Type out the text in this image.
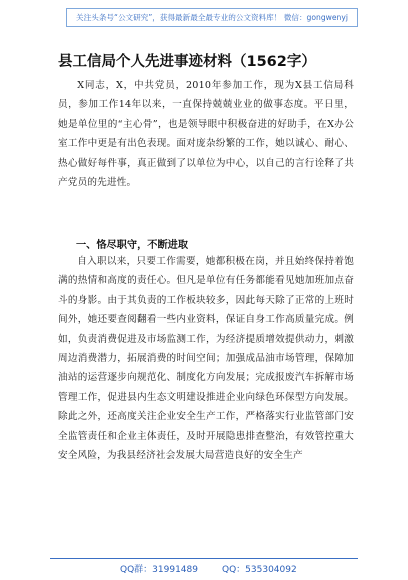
关注头条号“公文研究”，获得最新最全最专业的公文资料库！ 微信：gongwenyj
县工信局个人先进事迹材料（1562字）

X同志，X，中共党员，2010年参加工作，现为X县工信局科员，参加工作14年以来，一直保持兢兢业业的做事态度。平日里，她是单位里的“主心骨”，也是领导眼中积极奋进的好助手，在X办公室工作中更是有出色表现。面对庞杂纷繁的工作，她以诚心、耐心、热心做好每件事，真正做到了以单位为中心，以自己的言行诠释了共产党员的先进性。

一、恪尽职守，不断进取

自入职以来，只要工作需要，她都积极在岗，并且始终保持着饱满的热情和高度的责任心。但凡是单位有任务都能看见她加班加点奋斗的身影。由于其负责的工作板块较多，因此每天除了正常的上班时间外，她还要查阅翻看一些内业资料，保证自身工作高质量完成。例如，负责消费促进及市场监测工作，为经济提质增效提供动力，刺激周边消费潜力，拓展消费的时间空间；加强成品油市场管理，保障加油站的运营逐步向规范化、制度化方向发展；完成报废汽车拆解市场管理工作，促进县内生态文明建设推进企业向绿色环保型方向发展。除此之外，还高度关注企业安全生产工作，严格落实行业监管部门安全监管责任和企业主体责任，及时开展隐患排查整治，有效管控重大安全风险，为我县经济社会发展大局营造良好的安全生产

QQ群：31991489	QQ：535304092
